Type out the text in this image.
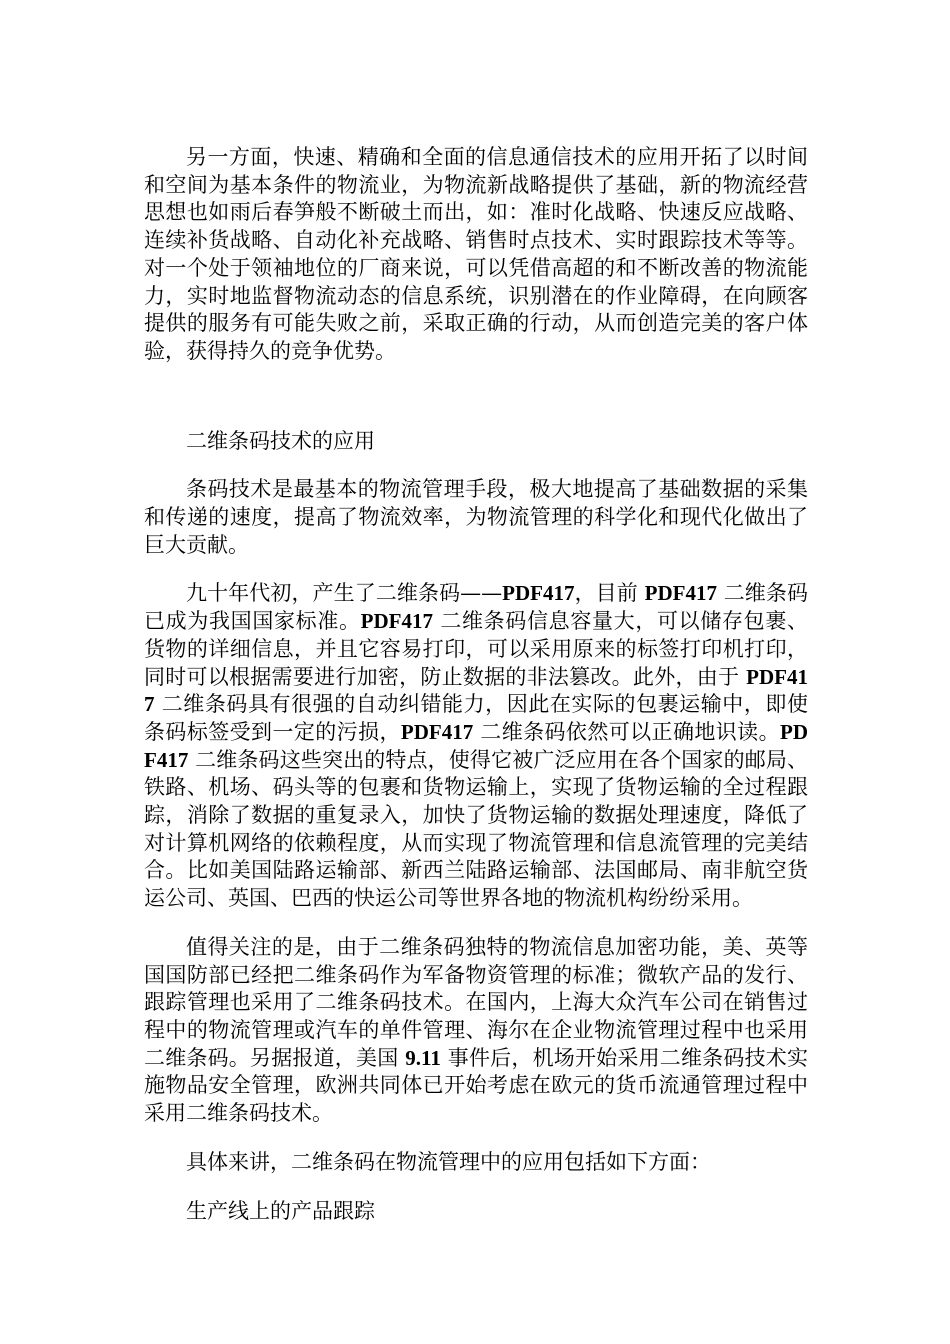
另一方面，快速、精确和全面的信息通信技术的应用开拓了以时间和空间为基本条件的物流业，为物流新战略提供了基础，新的物流经营思想也如雨后春笋般不断破土而出，如：准时化战略、快速反应战略、连续补货战略、自动化补充战略、销售时点技术、实时跟踪技术等等。对一个处于领袖地位的厂商来说，可以凭借高超的和不断改善的物流能力，实时地监督物流动态的信息系统，识别潜在的作业障碍，在向顾客提供的服务有可能失败之前，采取正确的行动，从而创造完美的客户体验，获得持久的竞争优势。

二维条码技术的应用

条码技术是最基本的物流管理手段，极大地提高了基础数据的采集和传递的速度，提高了物流效率，为物流管理的科学化和现代化做出了巨大贡献。

九十年代初，产生了二维条码——PDF417，目前 PDF417 二维条码已成为我国国家标准。PDF417 二维条码信息容量大，可以储存包裹、货物的详细信息，并且它容易打印，可以采用原来的标签打印机打印，同时可以根据需要进行加密，防止数据的非法篡改。此外，由于 PDF417 二维条码具有很强的自动纠错能力，因此在实际的包裹运输中，即使条码标签受到一定的污损，PDF417 二维条码依然可以正确地识读。PDF417 二维条码这些突出的特点，使得它被广泛应用在各个国家的邮局、铁路、机场、码头等的包裹和货物运输上，实现了货物运输的全过程跟踪，消除了数据的重复录入，加快了货物运输的数据处理速度，降低了对计算机网络的依赖程度，从而实现了物流管理和信息流管理的完美结合。比如美国陆路运输部、新西兰陆路运输部、法国邮局、南非航空货运公司、英国、巴西的快运公司等世界各地的物流机构纷纷采用。

值得关注的是，由于二维条码独特的物流信息加密功能，美、英等国国防部已经把二维条码作为军备物资管理的标准；微软产品的发行、跟踪管理也采用了二维条码技术。在国内，上海大众汽车公司在销售过程中的物流管理或汽车的单件管理、海尔在企业物流管理过程中也采用二维条码。另据报道，美国 9.11 事件后，机场开始采用二维条码技术实施物品安全管理，欧洲共同体已开始考虑在欧元的货币流通管理过程中采用二维条码技术。

具体来讲，二维条码在物流管理中的应用包括如下方面：

生产线上的产品跟踪
